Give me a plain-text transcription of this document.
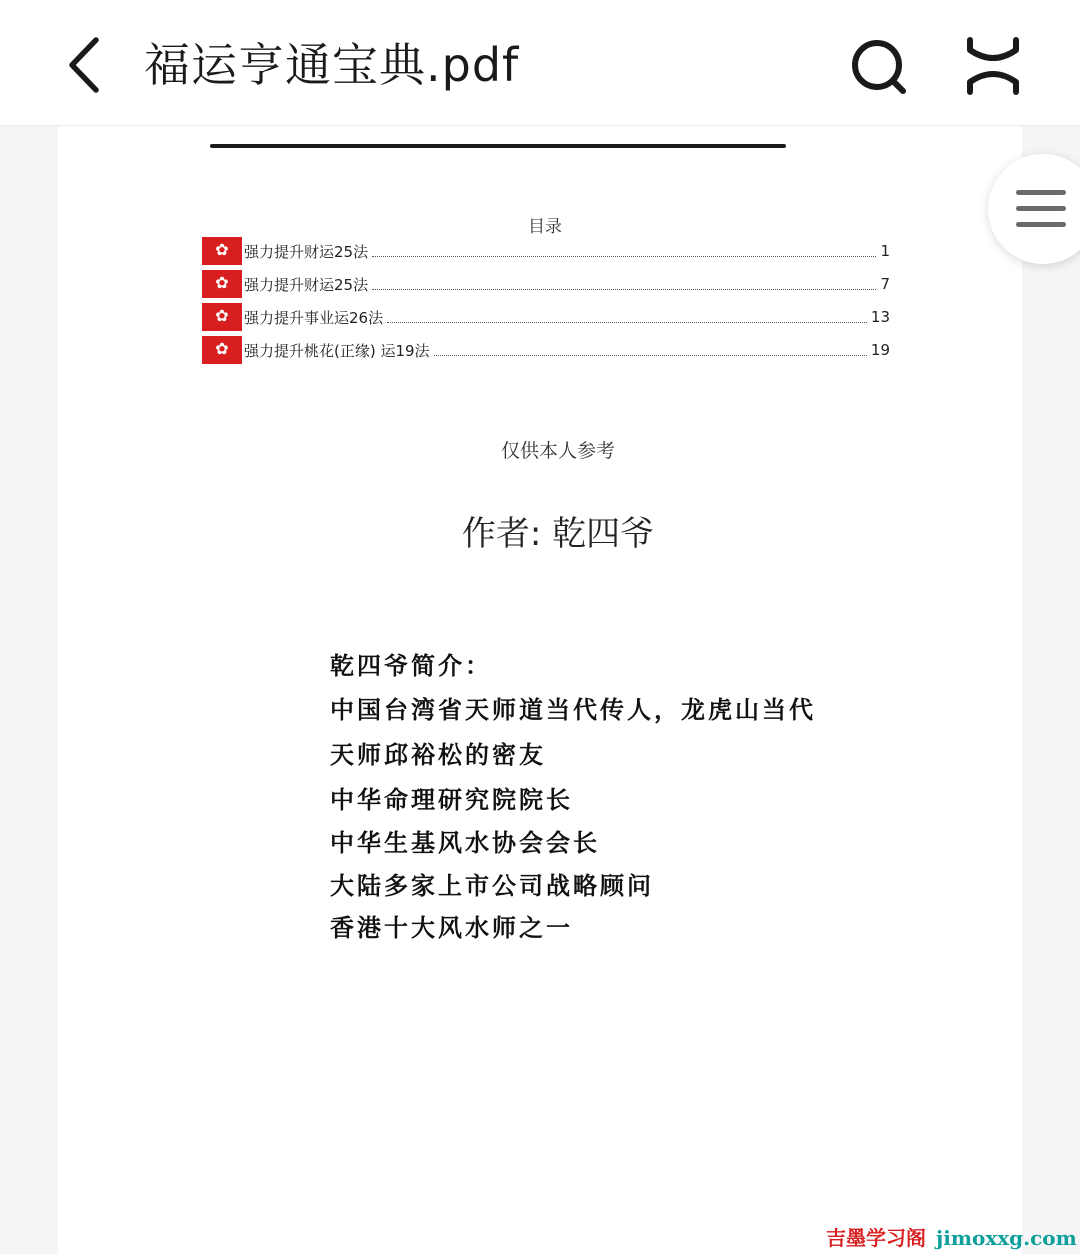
福运亨通宝典.pdf
目录
✿	强力提升财运25法	1
✿	强力提升财运25法	7
✿	强力提升事业运26法	13
✿	强力提升桃花(正缘) 运19法	19
仅供本人参考
作者: 乾四爷
乾四爷简介：
中国台湾省天师道当代传人，龙虎山当代
天师邱裕松的密友
中华命理研究院院长
中华生基风水协会会长
大陆多家上市公司战略顾问
香港十大风水师之一
吉墨学习阁 jimoxxg.com
